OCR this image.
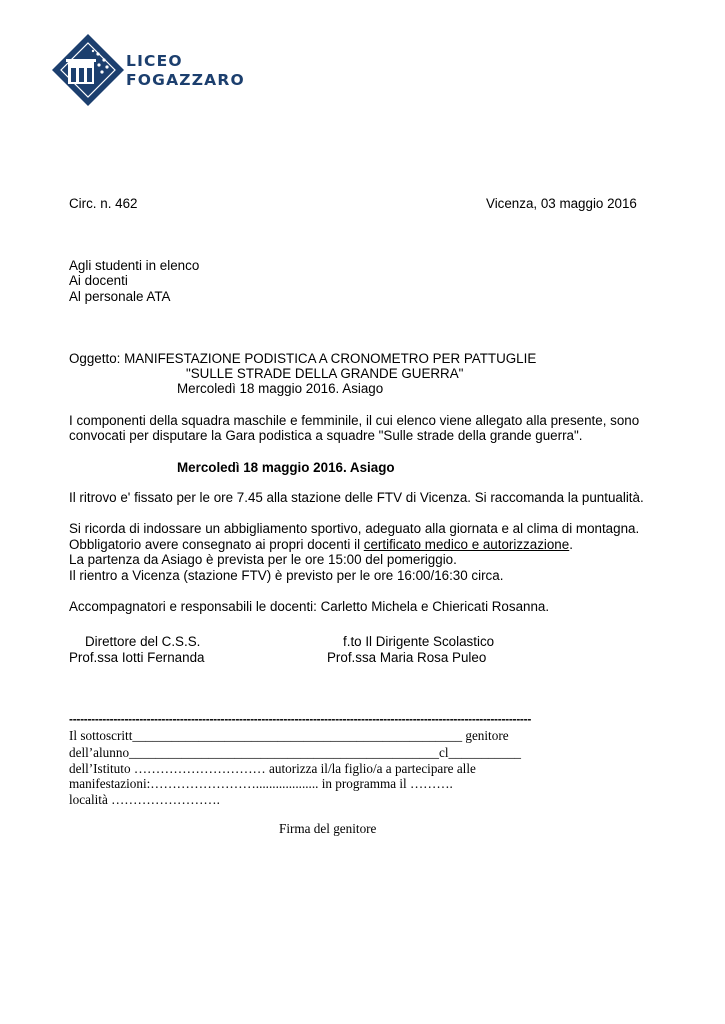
LICEO
FOGAZZARO
Circ. n. 462	Vicenza, 03 maggio 2016
Agli studenti in elenco
Ai docenti
Al personale ATA
Oggetto: MANIFESTAZIONE PODISTICA A CRONOMETRO PER PATTUGLIE
"SULLE STRADE DELLA GRANDE GUERRA"
Mercoledì 18 maggio 2016. Asiago
I componenti della squadra maschile e femminile, il cui elenco viene allegato alla presente, sono
convocati per disputare la Gara podistica a squadre "Sulle strade della grande guerra".
Mercoledì 18 maggio 2016. Asiago
Il ritrovo e' fissato per le ore 7.45 alla stazione delle FTV di Vicenza. Si raccomanda la puntualità.
Si ricorda di indossare un abbigliamento sportivo, adeguato alla giornata e al clima di montagna.
Obbligatorio avere consegnato ai propri docenti il certificato medico e autorizzazione.
La partenza da Asiago è prevista per le ore 15:00 del pomeriggio.
Il rientro a Vicenza (stazione FTV) è previsto per le ore 16:00/16:30 circa.
Accompagnatori e responsabili le docenti: Carletto Michela e Chiericati Rosanna.
Direttore del C.S.S.
Prof.ssa Iotti Fernanda
f.to Il Dirigente Scolastico
Prof.ssa Maria Rosa Puleo
-----------------------------------------------------------------------------------------------------------------------------
Il sottoscritt__________________________________________________ genitore
dell’alunno_______________________________________________cl___________
dell’Istituto ………………………… autorizza il/la figlio/a a partecipare alle
manifestazioni:……………………................... in programma il ……….
località …………………….
Firma del genitore
